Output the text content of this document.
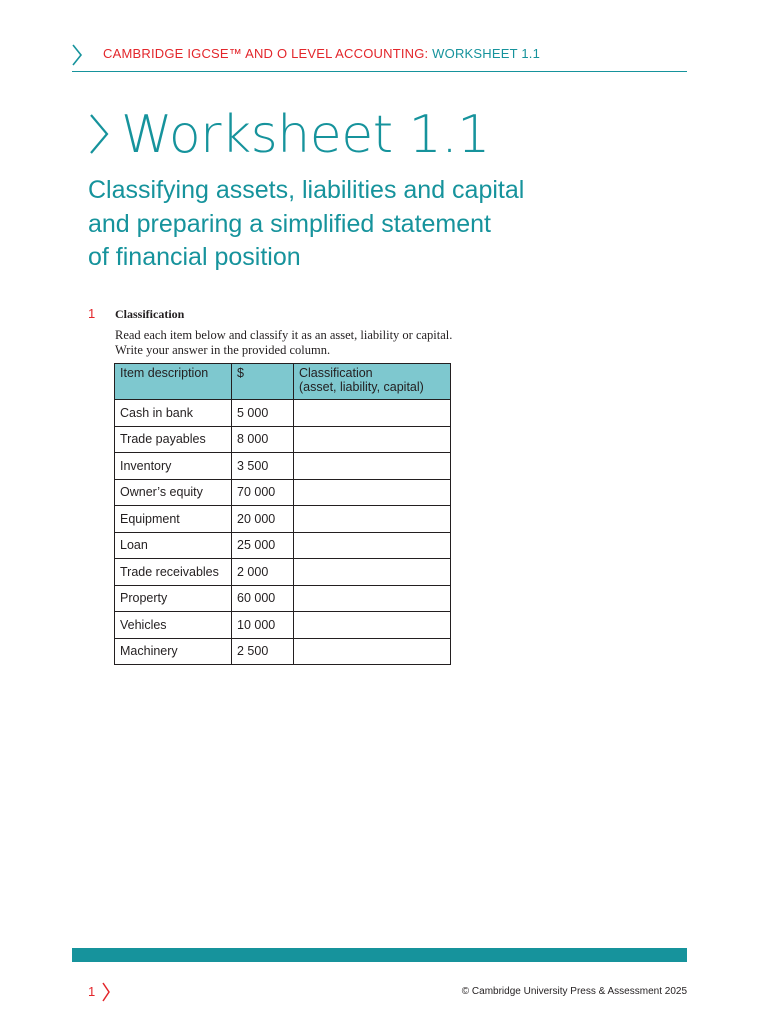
CAMBRIDGE IGCSE™ AND O LEVEL ACCOUNTING: WORKSHEET 1.1
Worksheet 1.1
Classifying assets, liabilities and capital
and preparing a simplified statement
of financial position
1 Classification
Read each item below and classify it as an asset, liability or capital.
Write your answer in the provided column.
Item description	$	Classification
(asset, liability, capital)

Cash in bank	5 000	
Trade payables	8 000	
Inventory	3 500	
Owner’s equity	70 000	
Equipment	20 000	
Loan	25 000	
Trade receivables	2 000	
Property	60 000	
Vehicles	10 000	
Machinery	2 500	
1	© Cambridge University Press & Assessment 2025
